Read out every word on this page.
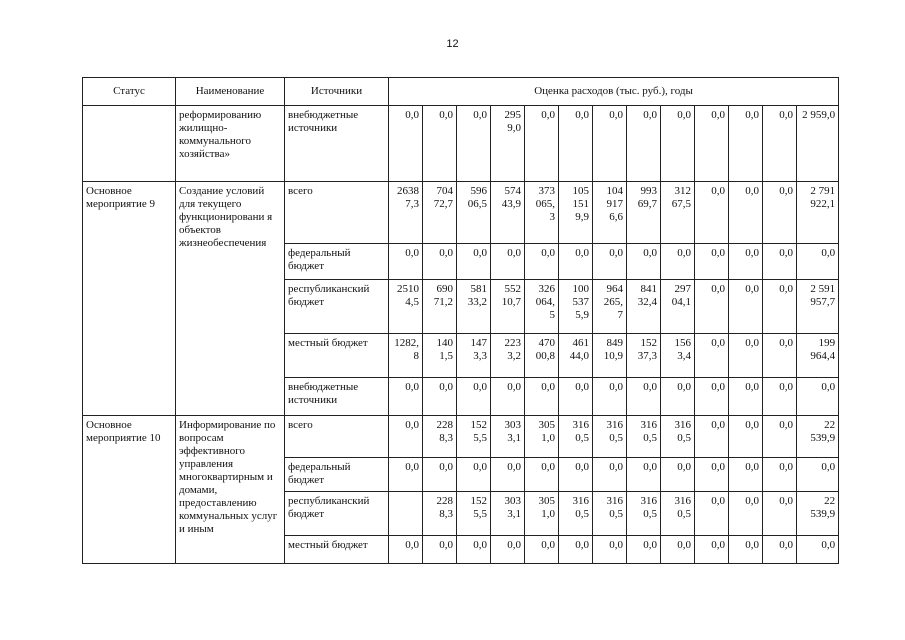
12
Статус	Наименование	Источники	Оценка расходов (тыс. руб.), годы												
	реформированию жилищно-коммунального хозяйства»	внебюджетные источники	0,0	0,0	0,0	295 9,0	0,0	0,0	0,0	0,0	0,0	0,0	0,0	0,0	2 959,0
Основное мероприятие 9	Создание условий для текущего функционировани я объектов жизнеобеспечения	всего	2638 7,3	704 72,7	596 06,5	574 43,9	373 065, 3	105 151 9,9	104 917 6,6	993 69,7	312 67,5	0,0	0,0	0,0	2 791 922,1
		федеральный бюджет	0,0	0,0	0,0	0,0	0,0	0,0	0,0	0,0	0,0	0,0	0,0	0,0	0,0
		республиканский бюджет	2510 4,5	690 71,2	581 33,2	552 10,7	326 064, 5	100 537 5,9	964 265, 7	841 32,4	297 04,1	0,0	0,0	0,0	2 591 957,7
		местный бюджет	1282, 8	140 1,5	147 3,3	223 3,2	470 00,8	461 44,0	849 10,9	152 37,3	156 3,4	0,0	0,0	0,0	199 964,4
		внебюджетные источники	0,0	0,0	0,0	0,0	0,0	0,0	0,0	0,0	0,0	0,0	0,0	0,0	0,0
Основное мероприятие 10	Информирование по вопросам эффективного управления многоквартирным и домами, предоставлению коммунальных услуг и иным	всего	0,0	228 8,3	152 5,5	303 3,1	305 1,0	316 0,5	316 0,5	316 0,5	316 0,5	0,0	0,0	0,0	22 539,9
		федеральный бюджет	0,0	0,0	0,0	0,0	0,0	0,0	0,0	0,0	0,0	0,0	0,0	0,0	0,0
		республиканский бюджет		228 8,3	152 5,5	303 3,1	305 1,0	316 0,5	316 0,5	316 0,5	316 0,5	0,0	0,0	0,0	22 539,9
		местный бюджет	0,0	0,0	0,0	0,0	0,0	0,0	0,0	0,0	0,0	0,0	0,0	0,0	0,0
